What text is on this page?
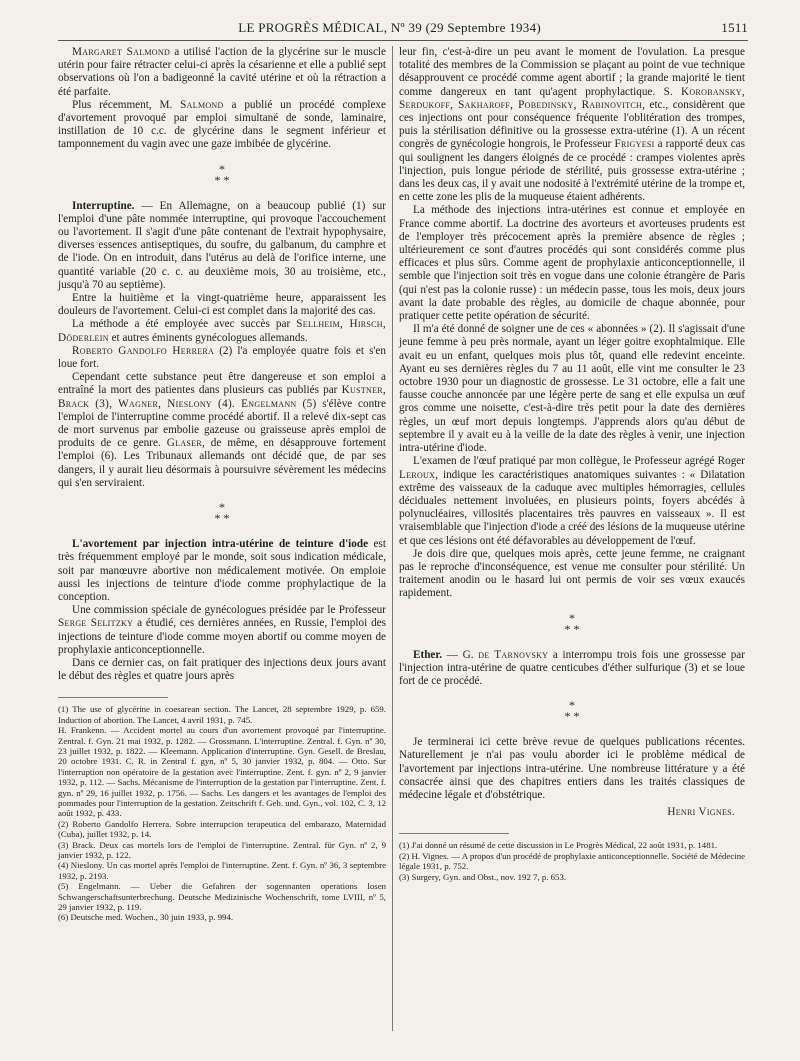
LE PROGRÈS MÉDICAL, Nº 39 (29 Septembre 1934)	1511

Margaret Salmond a utilisé l'action de la glycérine sur le muscle utérin pour faire rétracter celui-ci après la césarienne et elle a publié sept observations où l'on a badigeonné la cavité utérine et où la rétraction a été parfaite.

Plus récemment, M. Salmond a publié un procédé complexe d'avortement provoqué par emploi simultané de sonde, laminaire, instillation de 10 c.c. de glycérine dans le segment inférieur et tamponnement du vagin avec une gaze imbibée de glycérine.

*
* *

Interruptine. — En Allemagne, on a beaucoup publié (1) sur l'emploi d'une pâte nommée interruptine, qui provoque l'accouchement ou l'avortement. Il s'agit d'une pâte contenant de l'extrait hypophysaire, diverses essences antiseptiques, du soufre, du galbanum, du camphre et de l'iode. On en introduit, dans l'utérus au delà de l'orifice interne, une quantité variable (20 c. c. au deuxième mois, 30 au troisième, etc., jusqu'à 70 au septième).

Entre la huitième et la vingt-quatrième heure, apparaissent les douleurs de l'avortement. Celui-ci est complet dans la majorité des cas.

La méthode a été employée avec succès par Sellheim, Hirsch, Döderlein et autres éminents gynécologues allemands.

Roberto Gandolfo Herrera (2) l'a employée quatre fois et s'en loue fort.

Cependant cette substance peut être dangereuse et son emploi a entraîné la mort des patientes dans plusieurs cas publiés par Kustner, Brack (3), Wagner, Nieslony (4). Engelmann (5) s'élève contre l'emploi de l'interruptine comme procédé abortif. Il a relevé dix-sept cas de mort survenus par embolie gazeuse ou graisseuse après emploi de produits de ce genre. Glaser, de même, en désapprouve fortement l'emploi (6). Les Tribunaux allemands ont décidé que, de par ses dangers, il y aurait lieu désormais à poursuivre sévèrement les médecins qui s'en serviraient.

*
* *

L'avortement par injection intra-utérine de teinture d'iode est très fréquemment employé par le monde, soit sous indication médicale, soit par manœuvre abortive non médicalement motivée. On emploie aussi les injections de teinture d'iode comme prophylactique de la conception.

Une commission spéciale de gynécologues présidée par le Professeur Serge Selitzky a étudié, ces dernières années, en Russie, l'emploi des injections de teinture d'iode comme moyen abortif ou comme moyen de prophylaxie anticonceptionnelle.

Dans ce dernier cas, on fait pratiquer des injections deux jours avant le début des règles et quatre jours après

(1) The use of glycérine in coesarean section. The Lancet, 28 septembre 1929, p. 659. Induction of abortion. The Lancet, 4 avril 1931, p. 745.

H. Frankenn. — Accident mortel au cours d'un avortement provoqué par l'interruptine. Zentral. f. Gyn. 21 mai 1932, p. 1282. — Grossmann. L'interruptine. Zentral. f. Gyn. nº 30, 23 juillet 1932, p. 1822. — Kleemann. Application d'interruptine. Gyn. Gesell. de Breslau, 20 octobre 1931. C. R. in Zentral f. gyn, nº 5, 30 janvier 1932, p. 804. — Otto. Sur l'interruption non opératoire de la gestation avec l'interruptine. Zent. f. gyn. nº 2, 9 janvier 1932, p. 112. — Sachs. Mécanisme de l'interruption de la gestation par l'interruptine. Zent. f. gyn. nº 29, 16 juillet 1932, p. 1756. — Sachs. Les dangers et les avantages de l'emploi des pommades pour l'interruption de la gestation. Zeitschrift f. Geb. und. Gyn., vol. 102, C. 3, 12 août 1932, p. 433.

(2) Roberto Gandolfo Herrera. Sobre interrupcion terapeutica del embarazo, Maternidad (Cuba), juillet 1932, p. 14.

(3) Brack. Deux cas mortels lors de l'emploi de l'interruptine. Zentral. für Gyn. nº 2, 9 janvier 1932, p. 122.

(4) Nieslony. Un cas mortel après l'emploi de l'interruptine. Zent. f. Gyn. nº 36, 3 septembre 1932, p. 2193.

(5) Engelmann. — Ueber die Gefahren der sogennanten operations losen Schwangerschaftsunterbrechung. Deutsche Medizinische Wochenschrift, tome LVIII, nº 5, 29 janvier 1932, p. 119.

(6) Deutsche med. Wochen., 30 juin 1933, p. 994.

leur fin, c'est-à-dire un peu avant le moment de l'ovulation. La presque totalité des membres de la Commission se plaçant au point de vue technique désapprouvent ce procédé comme agent abortif ; la grande majorité le tient comme dangereux en tant qu'agent prophylactique. S. Korobansky, Serdukoff, Sakharoff, Pobedinsky, Rabinovitch, etc., considèrent que ces injections ont pour conséquence fréquente l'oblitération des trompes, puis la stérilisation définitive ou la grossesse extra-utérine (1). A un récent congrès de gynécologie hongrois, le Professeur Frigyesi a rapporté deux cas qui soulignent les dangers éloignés de ce procédé : crampes violentes après l'injection, puis longue période de stérilité, puis grossesse extra-utérine ; dans les deux cas, il y avait une nodosité à l'extrémité utérine de la trompe et, en cette zone les plis de la muqueuse étaient adhérents.

La méthode des injections intra-utérines est connue et employée en France comme abortif. La doctrine des avorteurs et avorteuses prudents est de l'employer très précocement après la première absence de règles ; ultérieurement ce sont d'autres procédés qui sont considérés comme plus efficaces et plus sûrs. Comme agent de prophylaxie anticonceptionnelle, il semble que l'injection soit très en vogue dans une colonie étrangère de Paris (qui n'est pas la colonie russe) : un médecin passe, tous les mois, deux jours avant la date probable des règles, au domicile de chaque abonnée, pour pratiquer cette petite opération de sécurité.

Il m'a été donné de soigner une de ces « abonnées » (2). Il s'agissait d'une jeune femme à peu près normale, ayant un léger goitre exophtalmique. Elle avait eu un enfant, quelques mois plus tôt, quand elle redevint enceinte. Ayant eu ses dernières règles du 7 au 11 août, elle vint me consulter le 23 octobre 1930 pour un diagnostic de grossesse. Le 31 octobre, elle a fait une fausse couche annoncée par une légère perte de sang et elle expulsa un œuf gros comme une noisette, c'est-à-dire très petit pour la date des dernières règles, un œuf mort depuis longtemps. J'apprends alors qu'au début de septembre il y avait eu à la veille de la date des règles à venir, une injection intra-utérine d'iode.

L'examen de l'œuf pratiqué par mon collègue, le Professeur agrégé Roger Leroux, indique les caractéristiques anatomiques suivantes : « Dilatation extrême des vaisseaux de la caduque avec multiples hémorragies, cellules déciduales nettement involuées, en plusieurs points, foyers abcédés à polynucléaires, villosités placentaires très pauvres en vaisseaux ». Il est vraisemblable que l'injection d'iode a créé des lésions de la muqueuse utérine et que ces lésions ont été défavorables au développement de l'œuf.

Je dois dire que, quelques mois après, cette jeune femme, ne craignant pas le reproche d'inconséquence, est venue me consulter pour stérilité. Un traitement anodin ou le hasard lui ont permis de voir ses vœux exaucés rapidement.

*
* *

Ether. — G. de Tarnovsky a interrompu trois fois une grossesse par l'injection intra-utérine de quatre centicubes d'éther sulfurique (3) et se loue fort de ce procédé.

*
* *

Je terminerai ici cette brève revue de quelques publications récentes. Naturellement je n'ai pas voulu aborder ici le problème médical de l'avortement par injections intra-utérine. Une nombreuse littérature y a été consacrée ainsi que des chapitres entiers dans les traités classiques de médecine légale et d'obstétrique.

Henri Vignes.

(1) J'ai donné un résumé de cette discussion in Le Progrès Médical, 22 août 1931, p. 1481.

(2) H. Vignes. — A propos d'un procédé de prophylaxie anticonceptionnelle. Société de Médecine légale 1931, p. 752.

(3) Surgery, Gyn. and Obst., nov. 192 7, p. 653.
